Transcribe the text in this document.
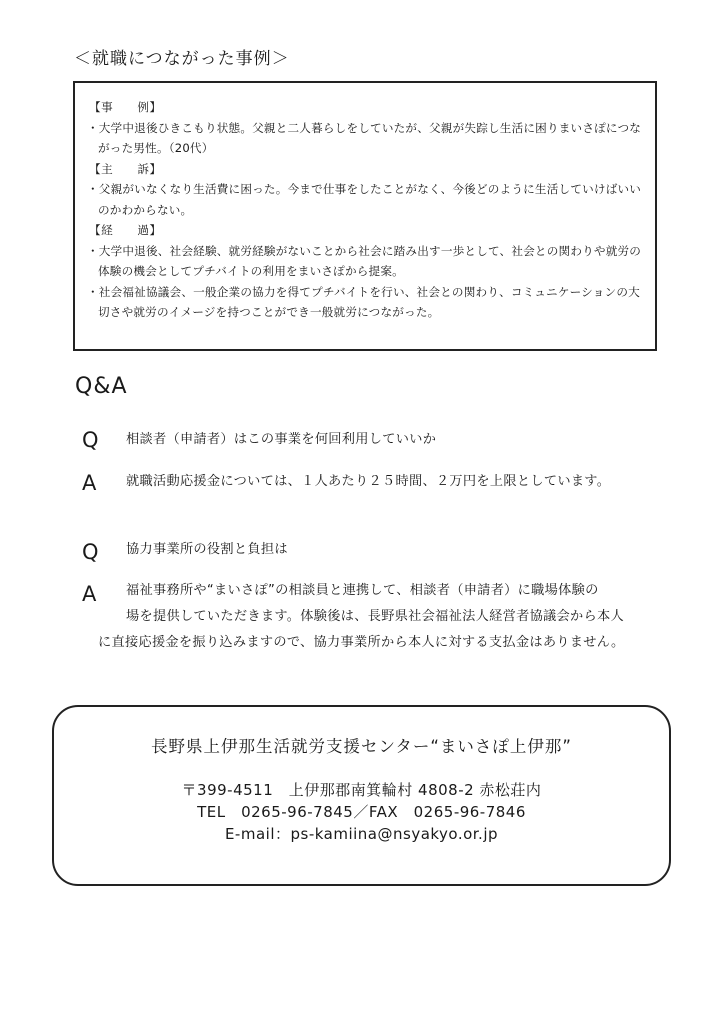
＜就職につながった事例＞
【事　　例】
・大学中退後ひきこもり状態。父親と二人暮らしをしていたが、父親が失踪し生活に困りまいさぽにつながった男性。（20代）
【主　　訴】
・父親がいなくなり生活費に困った。今まで仕事をしたことがなく、今後どのように生活していけばいいのかわからない。
【経　　過】
・大学中退後、社会経験、就労経験がないことから社会に踏み出す一歩として、社会との関わりや就労の体験の機会としてプチバイトの利用をまいさぽから提案。
・社会福祉協議会、一般企業の協力を得てプチバイトを行い、社会との関わり、コミュニケーションの大切さや就労のイメージを持つことができ一般就労につながった。
Q&A
Q 相談者（申請者）はこの事業を何回利用していいか
A 就職活動応援金については、１人あたり２５時間、２万円を上限としています。
Q 協力事業所の役割と負担は
A	福祉事務所や“まいさぽ”の相談員と連携して、相談者（申請者）に職場体験の
場を提供していただきます。体験後は、長野県社会福祉法人経営者協議会から本人
に直接応援金を振り込みますので、協力事業所から本人に対する支払金はありません。
長野県上伊那生活就労支援センター“まいさぽ上伊那”
〒399-4511　上伊那郡南箕輪村 4808-2 赤松荘内
TEL　0265-96-7845／FAX　0265-96-7846
E-mail：ps-kamiina@nsyakyo.or.jp
